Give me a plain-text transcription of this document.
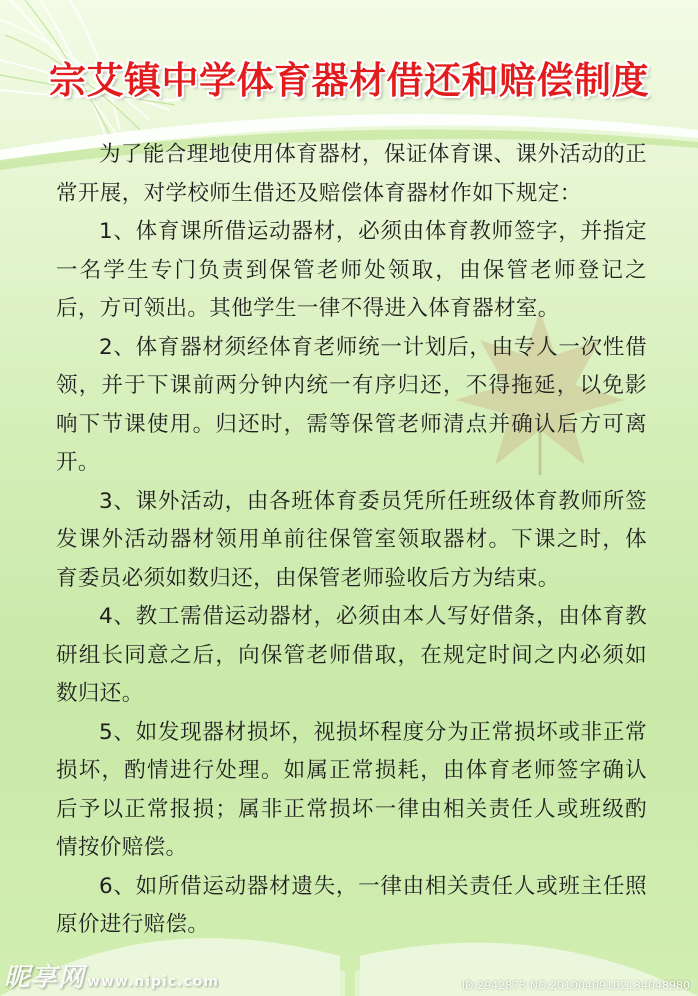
宗艾镇中学体育器材借还和赔偿制度

为了能合理地使用体育器材，保证体育课、课外活动的正常开展，对学校师生借还及赔偿体育器材作如下规定：

1、体育课所借运动器材，必须由体育教师签字，并指定一名学生专门负责到保管老师处领取，由保管老师登记之后，方可领出。其他学生一律不得进入体育器材室。

2、体育器材须经体育老师统一计划后，由专人一次性借领，并于下课前两分钟内统一有序归还，不得拖延，以免影响下节课使用。归还时，需等保管老师清点并确认后方可离开。

3、课外活动，由各班体育委员凭所任班级体育教师所签发课外活动器材领用单前往保管室领取器材。下课之时，体育委员必须如数归还，由保管老师验收后方为结束。

4、教工需借运动器材，必须由本人写好借条，由体育教研组长同意之后，向保管老师借取，在规定时间之内必须如数归还。

5、如发现器材损坏，视损坏程度分为正常损坏或非正常损坏，酌情进行处理。如属正常损耗，由体育老师签字确认后予以正常报损；属非正常损坏一律由相关责任人或班级酌情按价赔偿。

6、如所借运动器材遗失，一律由相关责任人或班主任照原价进行赔偿。

昵享网 www.nipic.com	ID:2942873 NO:20100409102134048980
